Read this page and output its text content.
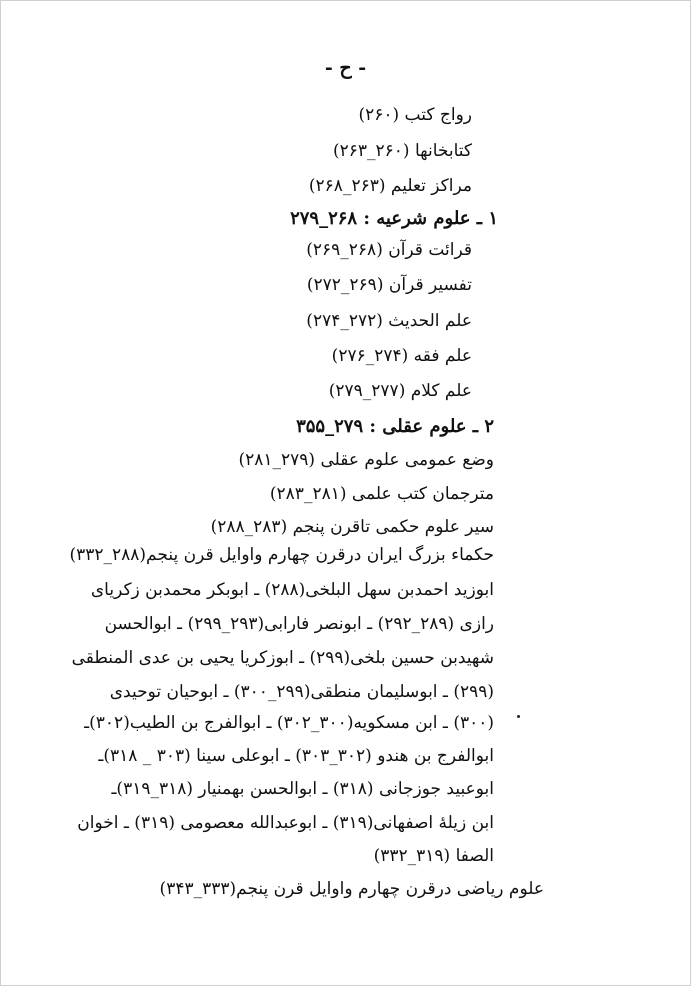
- ح -
رواج کتب (۲۶۰)
کتابخانها (۲۶۰_۲۶۳)
مراکز تعلیم (۲۶۳_۲۶۸)
۱ ـ علوم شرعیه : ۲۶۸_۲۷۹
قرائت قرآن (۲۶۸_۲۶۹)
تفسیر قرآن (۲۶۹_۲۷۲)
علم الحدیث (۲۷۲_۲۷۴)
علم فقه (۲۷۴_۲۷۶)
علم کلام (۲۷۷_۲۷۹)
۲ ـ علوم عقلی : ۲۷۹_۳۵۵
وضع عمومی علوم عقلی (۲۷۹_۲۸۱)
مترجمان کتب علمی (۲۸۱_۲۸۳)
سیر علوم حکمی تاقرن پنجم (۲۸۳_۲۸۸)
حکماء بزرگ ایران درقرن چهارم واوایل قرن پنجم(۲۸۸_۳۳۲)
ابوزید احمدبن سهل البلخی(۲۸۸) ـ ابوبکر محمدبن زکریای
رازی (۲۸۹_۲۹۲) ـ ابونصر فارابی(۲۹۳_۲۹۹) ـ ابوالحسن
شهیدبن حسین بلخی(۲۹۹) ـ ابوزکریا یحیی بن عدی المنطقی
(۲۹۹) ـ ابوسلیمان منطقی(۲۹۹_۳۰۰) ـ ابوحیان توحیدی
(۳۰۰) ـ ابن مسکویه(۳۰۰_۳۰۲) ـ ابوالفرج بن الطیب(۳۰۲)ـ
ابوالفرج بن هندو (۳۰۲_۳۰۳) ـ ابوعلی سینا (۳۰۳ _ ۳۱۸)ـ
ابوعبید جوزجانی (۳۱۸) ـ ابوالحسن بهمنیار (۳۱۸_۳۱۹)ـ
ابن زیلهٔ اصفهانی(۳۱۹) ـ ابوعبدالله معصومی (۳۱۹) ـ اخوان
الصفا (۳۱۹_۳۳۲)
علوم ریاضی درقرن چهارم واوایل قرن پنجم(۳۳۳_۳۴۳)
